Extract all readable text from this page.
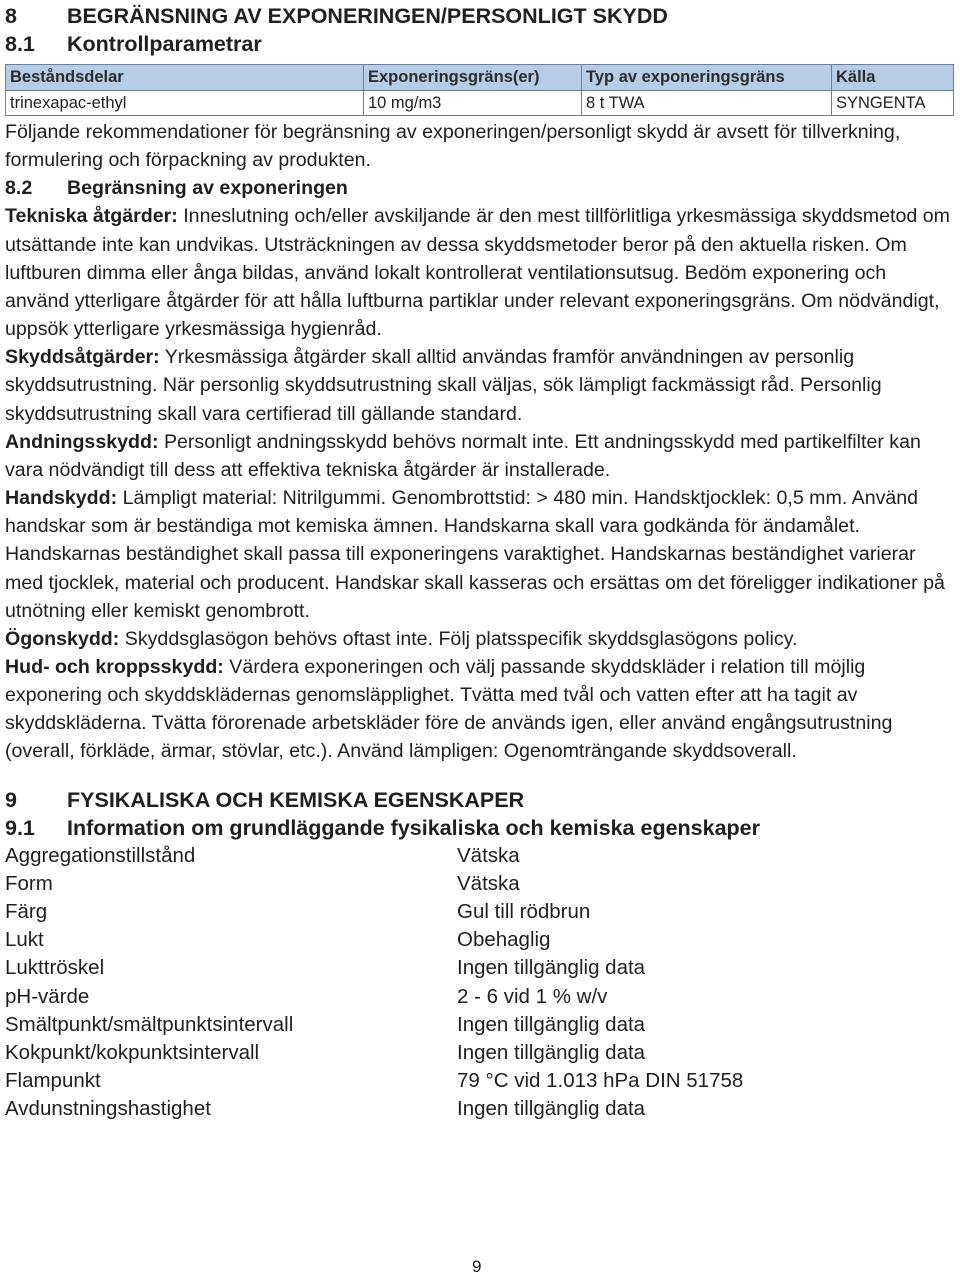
8	BEGRÄNSNING AV EXPONERINGEN/PERSONLIGT SKYDD
8.1	Kontrollparametrar
Beståndsdelar	Exponeringsgräns(er)	Typ av exponeringsgräns	Källa
trinexapac-ethyl	10 mg/m3	8 t TWA	SYNGENTA

Följande rekommendationer för begränsning av exponeringen/personligt skydd är avsett för tillverkning, formulering och förpackning av produkten.

8.2	Begränsning av exponeringen

Tekniska åtgärder: Inneslutning och/eller avskiljande är den mest tillförlitliga yrkesmässiga skyddsmetod om utsättande inte kan undvikas. Utsträckningen av dessa skyddsmetoder beror på den aktuella risken. Om luftburen dimma eller ånga bildas, använd lokalt kontrollerat ventilationsutsug. Bedöm exponering och använd ytterligare åtgärder för att hålla luftburna partiklar under relevant exponeringsgräns. Om nödvändigt, uppsök ytterligare yrkesmässiga hygienråd.

Skyddsåtgärder: Yrkesmässiga åtgärder skall alltid användas framför användningen av personlig skyddsutrustning. När personlig skyddsutrustning skall väljas, sök lämpligt fackmässigt råd. Personlig skyddsutrustning skall vara certifierad till gällande standard.

Andningsskydd: Personligt andningsskydd behövs normalt inte. Ett andningsskydd med partikelfilter kan vara nödvändigt till dess att effektiva tekniska åtgärder är installerade.

Handskydd: Lämpligt material: Nitrilgummi. Genombrottstid: > 480 min. Handsktjocklek: 0,5 mm. Använd handskar som är beständiga mot kemiska ämnen. Handskarna skall vara godkända för ändamålet. Handskarnas beständighet skall passa till exponeringens varaktighet. Handskarnas beständighet varierar med tjocklek, material och producent. Handskar skall kasseras och ersättas om det föreligger indikationer på utnötning eller kemiskt genombrott.

Ögonskydd: Skyddsglasögon behövs oftast inte. Följ platsspecifik skyddsglasögons policy.

Hud- och kroppsskydd: Värdera exponeringen och välj passande skyddskläder i relation till möjlig exponering och skyddsklädernas genomsläpplighet. Tvätta med tvål och vatten efter att ha tagit av skyddskläderna. Tvätta förorenade arbetskläder före de används igen, eller använd engångsutrustning (overall, förkläde, ärmar, stövlar, etc.). Använd lämpligen: Ogenomträngande skyddsoverall.

9	FYSIKALISKA OCH KEMISKA EGENSKAPER
9.1	Information om grundläggande fysikaliska och kemiska egenskaper
Aggregationstillstånd	Vätska
Form	Vätska
Färg	Gul till rödbrun
Lukt	Obehaglig
Lukttröskel	Ingen tillgänglig data
pH-värde	2 - 6 vid 1 % w/v
Smältpunkt/smältpunktsintervall	Ingen tillgänglig data
Kokpunkt/kokpunktsintervall	Ingen tillgänglig data
Flampunkt	79 °C vid 1.013 hPa DIN 51758
Avdunstningshastighet	Ingen tillgänglig data
9
